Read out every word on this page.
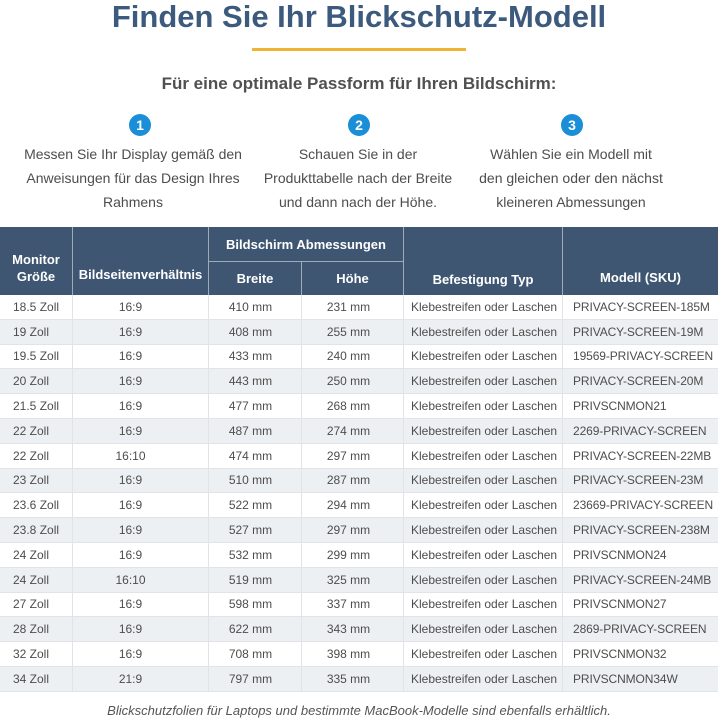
Finden Sie Ihr Blickschutz-Modell
Für eine optimale Passform für Ihren Bildschirm:
1	2	3
Messen Sie Ihr Display gemäß den
Anweisungen für das Design Ihres
Rahmens
Schauen Sie in der
Produkttabelle nach der Breite
und dann nach der Höhe.
Wählen Sie ein Modell mit
den gleichen oder den nächst
kleineren Abmessungen
Monitor
Größe	Bildseitenverhältnis
Bildschirm Abmessungen
Breite	Höhe	Befestigung Typ	Modell (SKU)
18.5 Zoll	16:9	410 mm	231 mm	Klebestreifen oder Laschen	PRIVACY-SCREEN-185M
19 Zoll	16:9	408 mm	255 mm	Klebestreifen oder Laschen	PRIVACY-SCREEN-19M
19.5 Zoll	16:9	433 mm	240 mm	Klebestreifen oder Laschen	19569-PRIVACY-SCREEN
20 Zoll	16:9	443 mm	250 mm	Klebestreifen oder Laschen	PRIVACY-SCREEN-20M
21.5 Zoll	16:9	477 mm	268 mm	Klebestreifen oder Laschen	PRIVSCNMON21
22 Zoll	16:9	487 mm	274 mm	Klebestreifen oder Laschen	2269-PRIVACY-SCREEN
22 Zoll	16:10	474 mm	297 mm	Klebestreifen oder Laschen	PRIVACY-SCREEN-22MB
23 Zoll	16:9	510 mm	287 mm	Klebestreifen oder Laschen	PRIVACY-SCREEN-23M
23.6 Zoll	16:9	522 mm	294 mm	Klebestreifen oder Laschen	23669-PRIVACY-SCREEN
23.8 Zoll	16:9	527 mm	297 mm	Klebestreifen oder Laschen	PRIVACY-SCREEN-238M
24 Zoll	16:9	532 mm	299 mm	Klebestreifen oder Laschen	PRIVSCNMON24
24 Zoll	16:10	519 mm	325 mm	Klebestreifen oder Laschen	PRIVACY-SCREEN-24MB
27 Zoll	16:9	598 mm	337 mm	Klebestreifen oder Laschen	PRIVSCNMON27
28 Zoll	16:9	622 mm	343 mm	Klebestreifen oder Laschen	2869-PRIVACY-SCREEN
32 Zoll	16:9	708 mm	398 mm	Klebestreifen oder Laschen	PRIVSCNMON32
34 Zoll	21:9	797 mm	335 mm	Klebestreifen oder Laschen	PRIVSCNMON34W

Blickschutzfolien für Laptops und bestimmte MacBook-Modelle sind ebenfalls erhältlich.
